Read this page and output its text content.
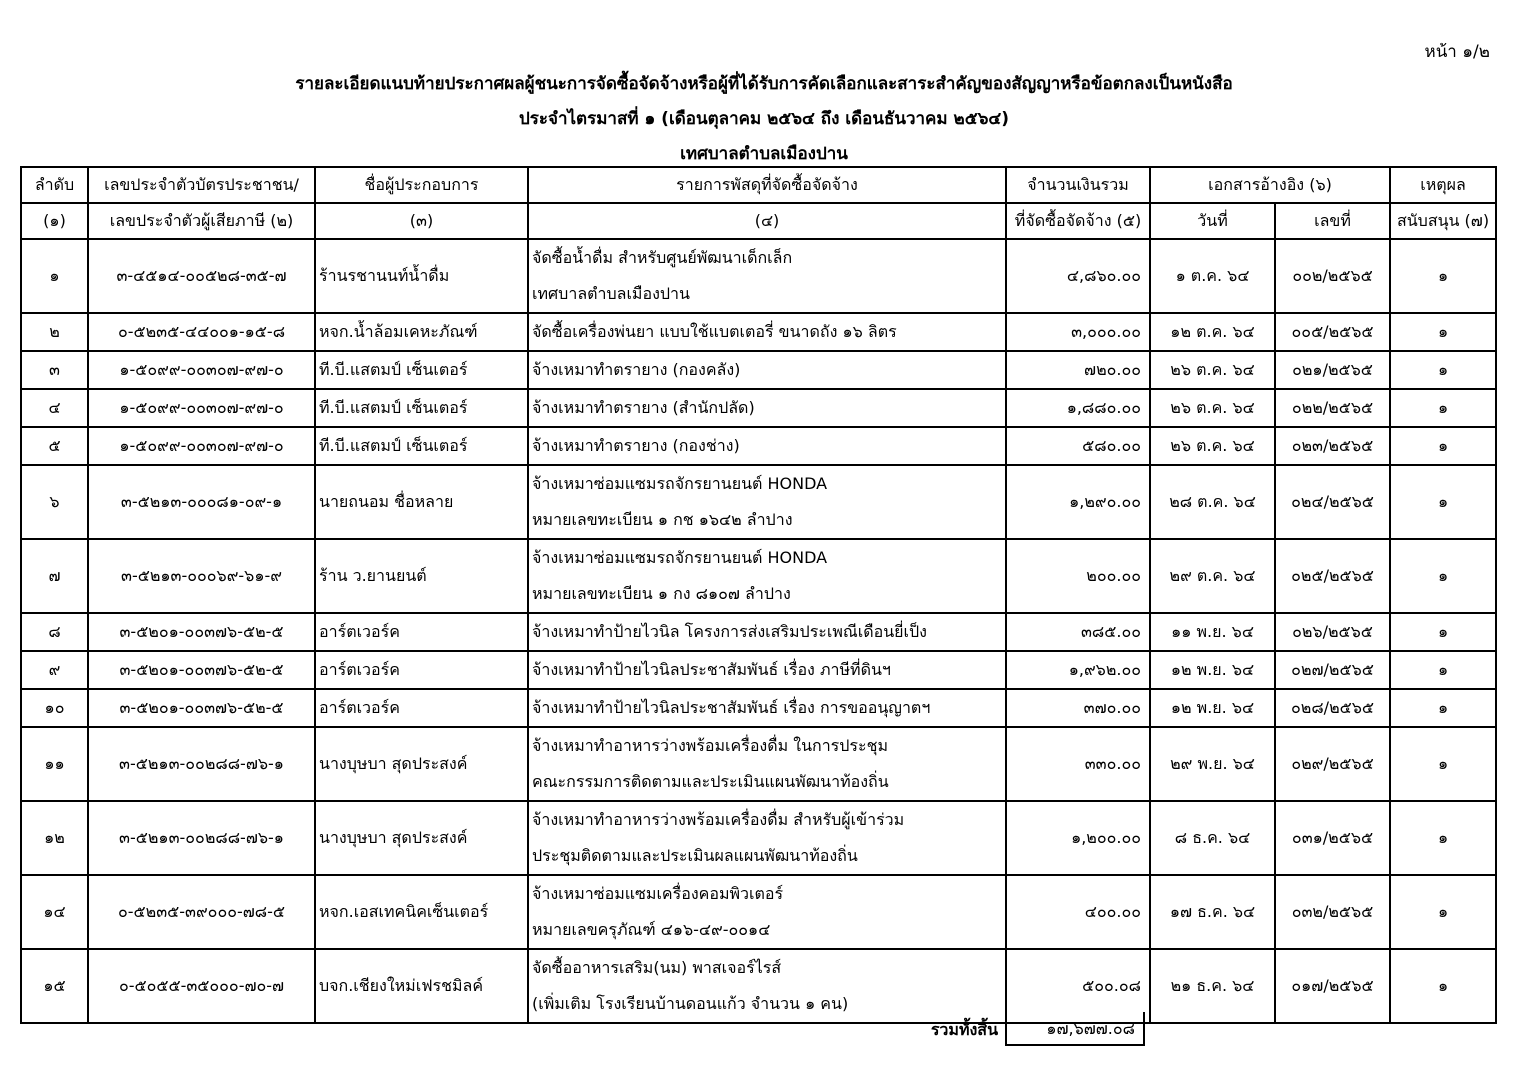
หน้า ๑/๒
รายละเอียดแนบท้ายประกาศผลผู้ชนะการจัดซื้อจัดจ้างหรือผู้ที่ได้รับการคัดเลือกและสาระสำคัญของสัญญาหรือข้อตกลงเป็นหนังสือ
ประจำไตรมาสที่ ๑ (เดือนตุลาคม ๒๕๖๔ ถึง เดือนธันวาคม ๒๕๖๔)
เทศบาลตำบลเมืองปาน
ลำดับ	เลขประจำตัวบัตรประชาชน/	ชื่อผู้ประกอบการ	รายการพัสดุที่จัดซื้อจัดจ้าง	จำนวนเงินรวม	เอกสารอ้างอิง (๖)		เหตุผล
(๑)	เลขประจำตัวผู้เสียภาษี (๒)	(๓)	(๔)	ที่จัดซื้อจัดจ้าง (๕)	วันที่	เลขที่	สนับสนุน (๗)
๑	๓-๔๕๑๔-๐๐๕๒๘-๓๕-๗	ร้านรชานนท์น้ำดื่ม	จัดซื้อน้ำดื่ม สำหรับศูนย์พัฒนาเด็กเล็ก
เทศบาลตำบลเมืองปาน	๔,๘๖๐.๐๐	๑ ต.ค. ๖๔	๐๐๒/๒๕๖๕	๑
๒	๐-๕๒๓๕-๔๔๐๐๑-๑๕-๘	หจก.น้ำล้อมเคหะภัณฑ์	จัดซื้อเครื่องพ่นยา แบบใช้แบตเตอรี่ ขนาดถัง ๑๖ ลิตร	๓,๐๐๐.๐๐	๑๒ ต.ค. ๖๔	๐๐๕/๒๕๖๕	๑
๓	๑-๕๐๙๙-๐๐๓๐๗-๙๗-๐	ที.บี.แสตมป์ เซ็นเตอร์	จ้างเหมาทำตรายาง (กองคลัง)	๗๒๐.๐๐	๒๖ ต.ค. ๖๔	๐๒๑/๒๕๖๕	๑
๔	๑-๕๐๙๙-๐๐๓๐๗-๙๗-๐	ที.บี.แสตมป์ เซ็นเตอร์	จ้างเหมาทำตรายาง (สำนักปลัด)	๑,๘๘๐.๐๐	๒๖ ต.ค. ๖๔	๐๒๒/๒๕๖๕	๑
๕	๑-๕๐๙๙-๐๐๓๐๗-๙๗-๐	ที.บี.แสตมป์ เซ็นเตอร์	จ้างเหมาทำตรายาง (กองช่าง)	๕๘๐.๐๐	๒๖ ต.ค. ๖๔	๐๒๓/๒๕๖๕	๑
๖	๓-๕๒๑๓-๐๐๐๘๑-๐๙-๑	นายถนอม ชื่อหลาย	จ้างเหมาซ่อมแซมรถจักรยานยนต์ HONDA
หมายเลขทะเบียน ๑ กช ๑๖๔๒ ลำปาง	๑,๒๙๐.๐๐	๒๘ ต.ค. ๖๔	๐๒๔/๒๕๖๕	๑
๗	๓-๕๒๑๓-๐๐๐๖๙-๖๑-๙	ร้าน ว.ยานยนต์	จ้างเหมาซ่อมแซมรถจักรยานยนต์ HONDA
หมายเลขทะเบียน ๑ กง ๘๑๐๗ ลำปาง	๒๐๐.๐๐	๒๙ ต.ค. ๖๔	๐๒๕/๒๕๖๕	๑
๘	๓-๕๒๐๑-๐๐๓๗๖-๕๒-๕	อาร์ตเวอร์ค	จ้างเหมาทำป้ายไวนิล โครงการส่งเสริมประเพณีเดือนยี่เป็ง	๓๘๕.๐๐	๑๑ พ.ย. ๖๔	๐๒๖/๒๕๖๕	๑
๙	๓-๕๒๐๑-๐๐๓๗๖-๕๒-๕	อาร์ตเวอร์ค	จ้างเหมาทำป้ายไวนิลประชาสัมพันธ์ เรื่อง ภาษีที่ดินฯ	๑,๙๖๒.๐๐	๑๒ พ.ย. ๖๔	๐๒๗/๒๕๖๕	๑
๑๐	๓-๕๒๐๑-๐๐๓๗๖-๕๒-๕	อาร์ตเวอร์ค	จ้างเหมาทำป้ายไวนิลประชาสัมพันธ์ เรื่อง การขออนุญาตฯ	๓๗๐.๐๐	๑๒ พ.ย. ๖๔	๐๒๘/๒๕๖๕	๑
๑๑	๓-๕๒๑๓-๐๐๒๘๘-๗๖-๑	นางบุษบา สุดประสงค์	จ้างเหมาทำอาหารว่างพร้อมเครื่องดื่ม ในการประชุม
คณะกรรมการติดตามและประเมินแผนพัฒนาท้องถิ่น	๓๓๐.๐๐	๒๙ พ.ย. ๖๔	๐๒๙/๒๕๖๕	๑
๑๒	๓-๕๒๑๓-๐๐๒๘๘-๗๖-๑	นางบุษบา สุดประสงค์	จ้างเหมาทำอาหารว่างพร้อมเครื่องดื่ม สำหรับผู้เข้าร่วม
ประชุมติดตามและประเมินผลแผนพัฒนาท้องถิ่น	๑,๒๐๐.๐๐	๘ ธ.ค. ๖๔	๐๓๑/๒๕๖๕	๑
๑๔	๐-๕๒๓๕-๓๙๐๐๐-๗๘-๕	หจก.เอสเทคนิคเซ็นเตอร์	จ้างเหมาซ่อมแซมเครื่องคอมพิวเตอร์
หมายเลขครุภัณฑ์ ๔๑๖-๔๙-๐๐๑๔	๔๐๐.๐๐	๑๗ ธ.ค. ๖๔	๐๓๒/๒๕๖๕	๑
๑๕	๐-๕๐๕๕-๓๕๐๐๐-๗๐-๗	บจก.เชียงใหม่เฟรชมิลค์	จัดซื้ออาหารเสริม(นม) พาสเจอร์ไรส์
(เพิ่มเติม โรงเรียนบ้านดอนแก้ว จำนวน ๑ คน)	๕๐๐.๐๘	๒๑ ธ.ค. ๖๔	๐๑๗/๒๕๖๕	๑
รวมทั้งสิ้น	๑๗,๖๗๗.๐๘
